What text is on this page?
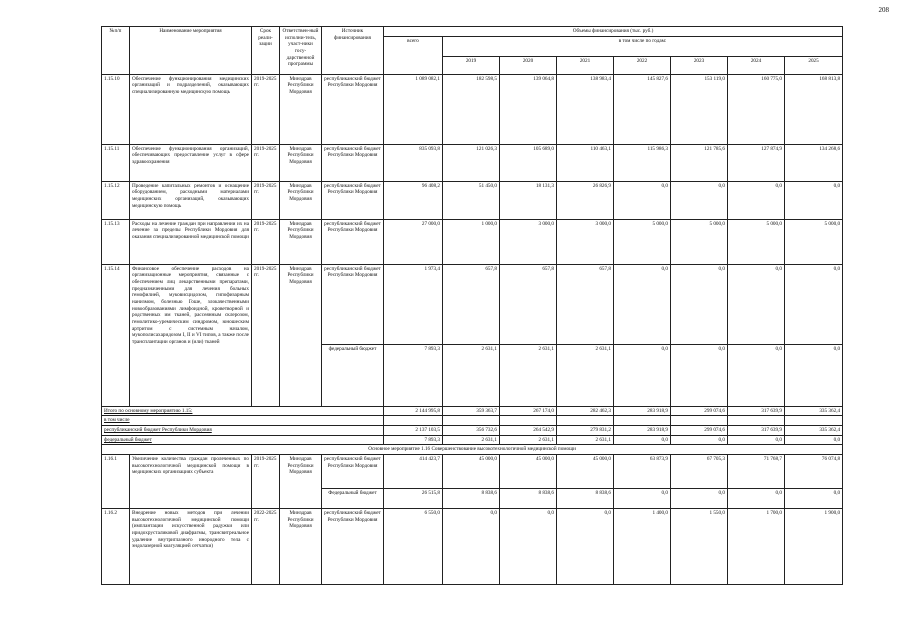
208
№п/п	Наименование мероприятия	Срок реали-зации	Ответствен-ный исполни-тель, участ-ники госу-дарственной программы	Источник финансирования	Объемы финансирования (тыс. руб.)							
					всего	в том числе по годам:						
						2019	2020	2021	2022	2023	2024	2025
1.15.10	Обеспечение функционирования медицинских организаций и подразделений, оказывающих специализированную медицинскую помощь	2019-2025 гг.	Минздрав Республики Мордовия	республиканский бюджет Республики Мордовия	1 089 082,1	182 598,5	139 064,8	138 983,4	145 827,6	153 119,0	160 775,0	168 813,8
1.15.11	Обеспечение функционирования организаций, обеспечивающих предоставление услуг в сфере здравоохранения	2019-2025 гг.	Минздрав Республики Мордовия	республиканский бюджет Республики Мордовия	835 093,8	121 026,3	105 689,0	110 463,1	115 986,3	121 785,6	127 874,9	134 268,6
1.15.12	Проведение капитальных ремонтов и оснащение оборудованием, расходными материалами медицинских организаций, оказывающих медицинскую помощь	2019-2025 гг.	Минздрав Республики Мордовия	республиканский бюджет Республики Мордовия	96 408,2	51 450,0	18 131,3	26 826,9	0,0	0,0	0,0	0,0
1.15.13	Расходы на лечение граждан при направлении их на лечение за пределы Республики Мордовия для оказания специализированной медицинской помощи	2019-2025 гг.	Минздрав Республики Мордовия	республиканский бюджет Республики Мордовия	27 000,0	1 000,0	3 000,0	3 000,0	5 000,0	5 000,0	5 000,0	5 000,0
1.15.14	Финансовое обеспечение расходов на организационные мероприятия, связанные с обеспечением лиц лекарственными препаратами, предназначенными для лечения больных гемофилией, муковисцидозом, гипофизарным нанизмом, болезнью Гоше, злокачественными новообразованиями лимфоидной, кроветворной и родственных им тканей, рассеянным склерозом, гемолитико-уремическим синдромом, юношеским артритом с системным началом, мукополисахаридозом I, II и VI типов, а также после трансплантации органов и (или) тканей	2019-2025 гг.	Минздрав Республики Мордовия	республиканский бюджет Республики Мордовия	1 973,4	657,8	657,8	657,8	0,0	0,0	0,0	0,0
				федеральный бюджет	7 893,3	2 631,1	2 631,1	2 631,1	0,0	0,0	0,0	0,0
Итого по основному мероприятию 1.15:					2 144 995,8	359 363,7	267 174,0	282 462,3	283 918,9	299 074,6	317 639,9	335 362,4
в том числе												
республиканский бюджет Республики Мордовия					2 137 103,5	356 732,6	264 542,9	279 831,2	283 918,9	299 074,6	317 639,9	335 362,4
федеральный бюджет					7 893,3	2 631,1	2 631,1	2 631,1	0,0	0,0	0,0	0,0
Основное мероприятие 1.16 Совершенствование высокотехнологичной медицинской помощи												
1.16.1	Увеличение количества граждан пролеченных по высокотехнологичной медицинской помощи в медицинских организациях субъекта	2019-2025 гг.	Минздрав Республики Мордовия	республиканский бюджет Республики Мордовия	414 423,7	45 000,0	45 000,0	45 000,0	63 873,9	67 705,3	71 768,7	76 074,8
				Федеральный бюджет	26 515,8	8 838,6	8 838,6	8 838,6	0,0	0,0	0,0	0,0
1.16.2	Внедрение новых методов при лечении высокотехнологичной медицинской помощи (имплантации искусственной радужки или иридохрусталиковой диафрагмы, трансвитреальное удаление внутриглазного инородного тела с эндолазерной коагуляцией сетчатки)	2022-2025 гг.	Минздрав Республики Мордовия	республиканский бюджет Республики Мордовия	6 550,0	0,0	0,0	0,0	1 400,0	1 550,0	1 700,0	1 900,0
